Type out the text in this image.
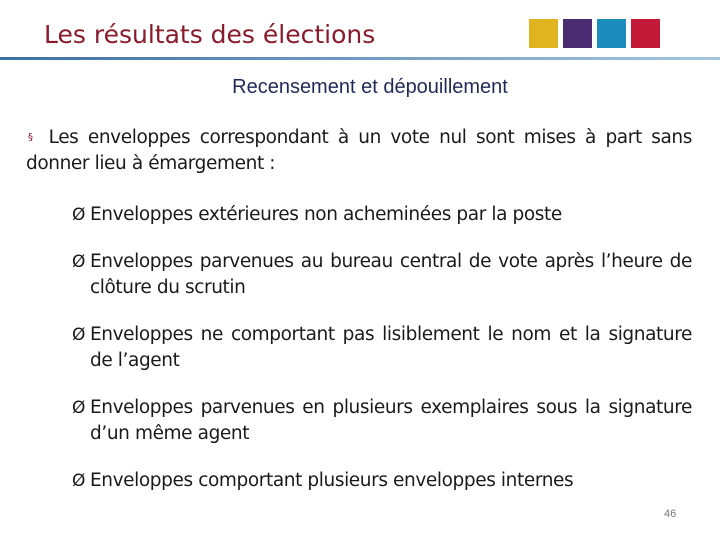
Les résultats des élections
Recensement et dépouillement
§ Les enveloppes correspondant à un vote nul sont mises à part sans donner lieu à émargement :
Ø Enveloppes extérieures non acheminées par la poste
Ø Enveloppes parvenues au bureau central de vote après l’heure de clôture du scrutin
Ø Enveloppes ne comportant pas lisiblement le nom et la signature de l’agent
Ø Enveloppes parvenues en plusieurs exemplaires sous la signature d’un même agent
Ø Enveloppes comportant plusieurs enveloppes internes
46
